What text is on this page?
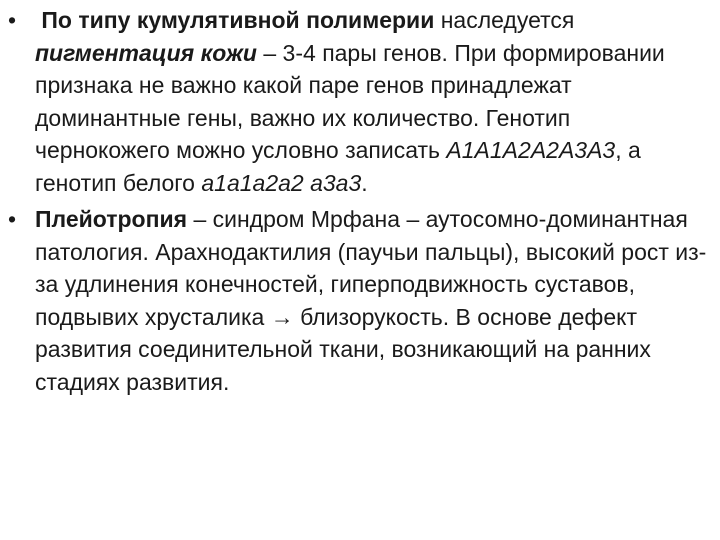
•	По типу кумулятивной полимерии наследуется пигментация кожи – 3-4 пары генов. При формировании признака не важно какой паре генов принадлежат доминантные гены, важно их количество. Генотип чернокожего можно условно записать А1А1А2А2А3А3, а генотип белого а1а1а2а2 а3а3.
• Плейотропия – синдром Мрфана – аутосомно-доминантная патология. Арахнодактилия (паучьи пальцы), высокий рост из-за удлинения конечностей, гиперподвижность суставов, подвывих хрусталика → близорукость. В основе дефект развития соединительной ткани, возникающий на ранних стадиях развития.
